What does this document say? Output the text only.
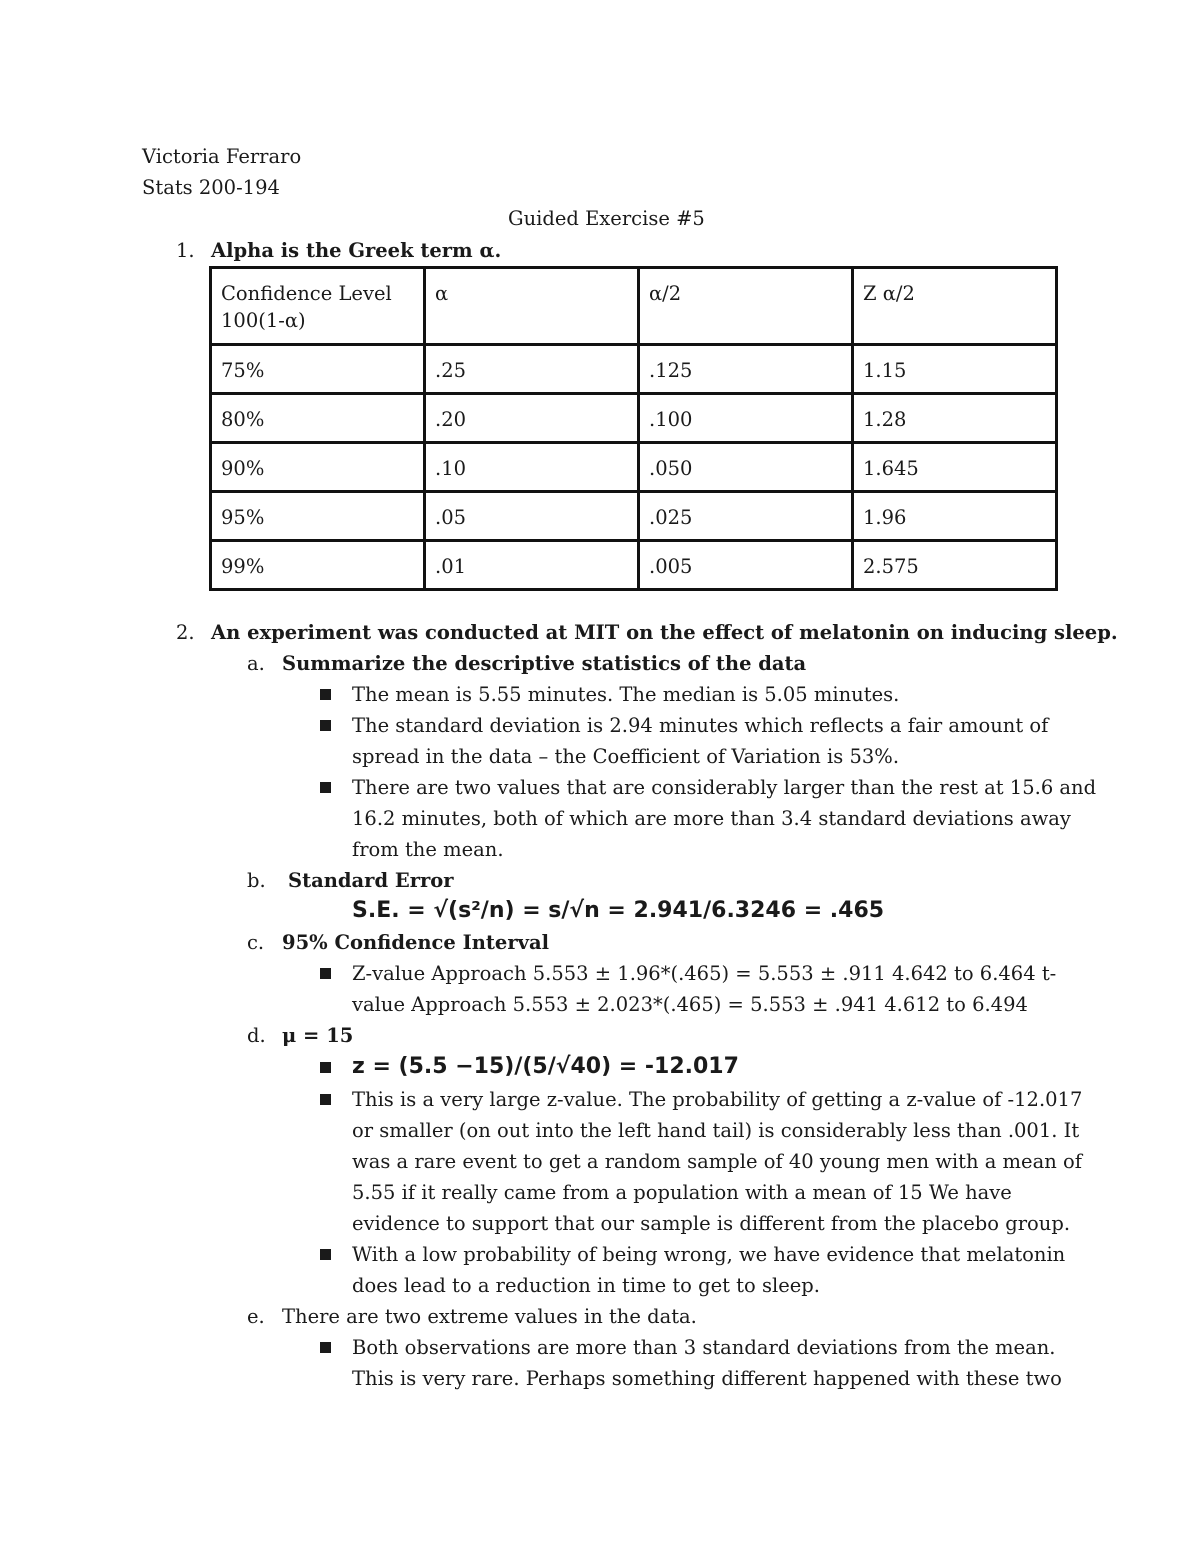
Victoria Ferraro
Stats 200-194
Guided Exercise #5
1. Alpha is the Greek term α.
Confidence Level 100(1-α)	α	α/2	Z α/2
75%	.25	.125	1.15
80%	.20	.100	1.28
90%	.10	.050	1.645
95%	.05	.025	1.96
99%	.01	.005	2.575
2. An experiment was conducted at MIT on the effect of melatonin on inducing sleep.
a. Summarize the descriptive statistics of the data
The mean is 5.55 minutes. The median is 5.05 minutes.
The standard deviation is 2.94 minutes which reflects a fair amount of
spread in the data – the Coefficient of Variation is 53%.
There are two values that are considerably larger than the rest at 15.6 and
16.2 minutes, both of which are more than 3.4 standard deviations away
from the mean.
b. Standard Error
S.E. = √(s²/n) = s/√n = 2.941/6.3246 = .465
c. 95% Confidence Interval
Z-value Approach 5.553 ± 1.96*(.465) = 5.553 ± .911 4.642 to 6.464 t-
value Approach 5.553 ± 2.023*(.465) = 5.553 ± .941 4.612 to 6.494
d. μ = 15
z = (5.5 −15)/(5/√40) = -12.017
This is a very large z-value. The probability of getting a z-value of -12.017
or smaller (on out into the left hand tail) is considerably less than .001. It
was a rare event to get a random sample of 40 young men with a mean of
5.55 if it really came from a population with a mean of 15 We have
evidence to support that our sample is different from the placebo group.
With a low probability of being wrong, we have evidence that melatonin
does lead to a reduction in time to get to sleep.
e. There are two extreme values in the data.
Both observations are more than 3 standard deviations from the mean.
This is very rare. Perhaps something different happened with these two
